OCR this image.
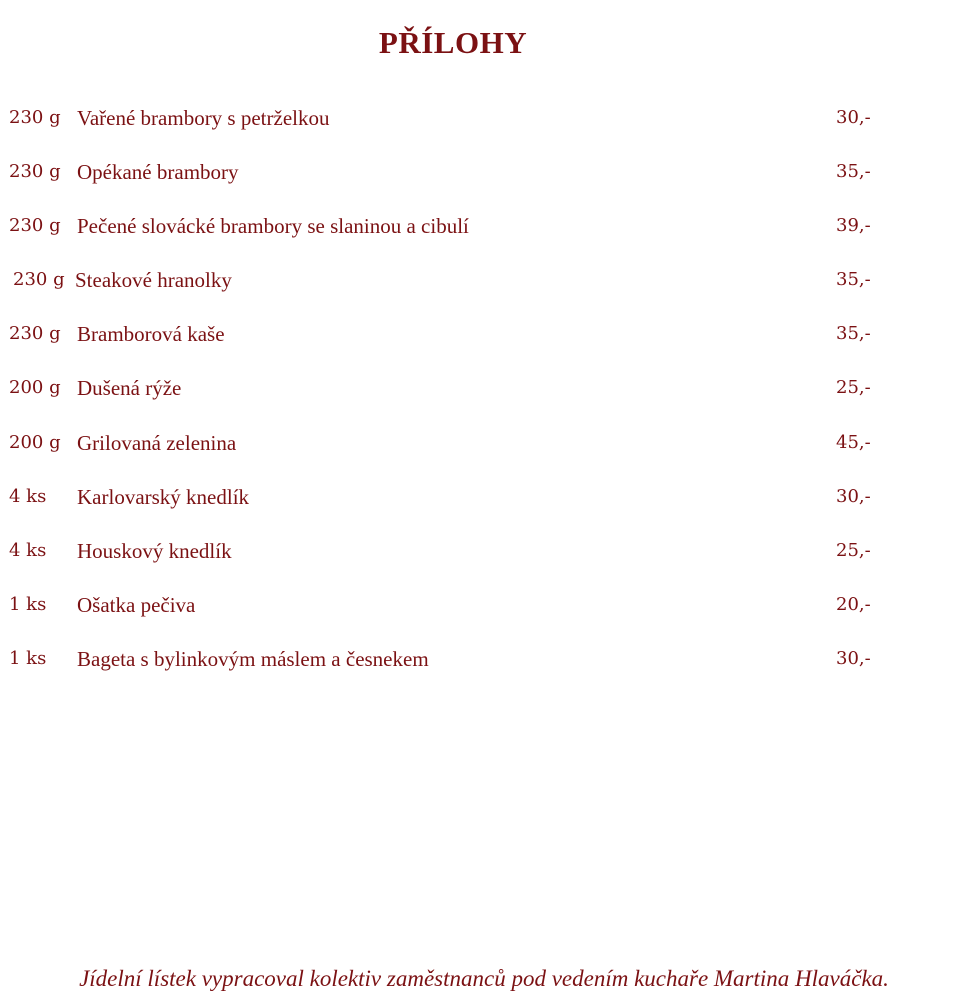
PŘÍLOHY
230 g Vařené brambory s petrželkou	30,-
230 g Opékané brambory	35,-
230 g Pečené slovácké brambory se slaninou a cibulí	39,-
230 g Steakové hranolky	35,-
230 g Bramborová kaše	35,-
200 g Dušená rýže	25,-
200 g Grilovaná zelenina	45,-
4 ks Karlovarský knedlík	30,-
4 ks Houskový knedlík	25,-
1 ks Ošatka pečiva	20,-
1 ks Bageta s bylinkovým máslem a česnekem	30,-
Jídelní lístek vypracoval kolektiv zaměstnanců pod vedením kuchaře Martina Hlaváčka.
